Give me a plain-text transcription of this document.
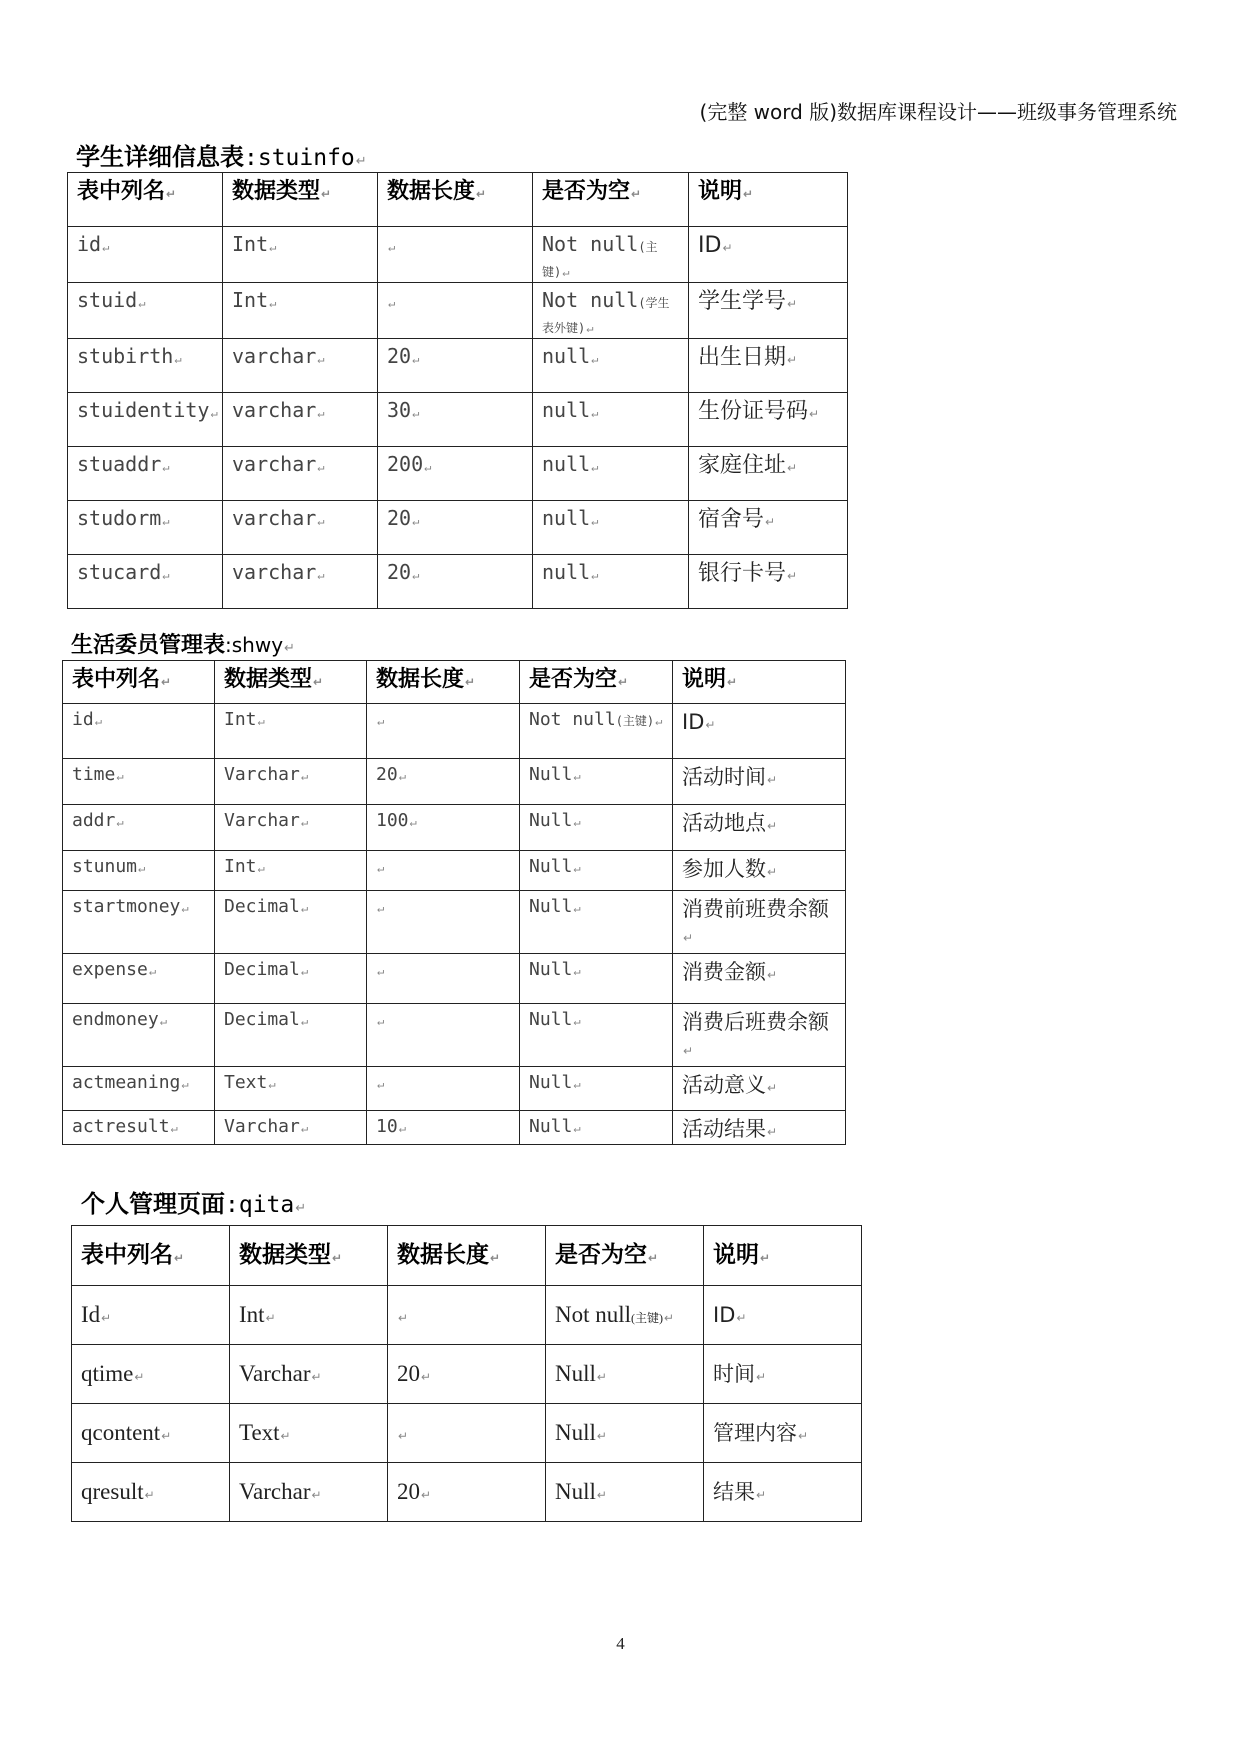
(完整 word 版)数据库课程设计——班级事务管理系统
学生详细信息表:stuinfo↵
表中列名↵	数据类型↵	数据长度↵	是否为空↵	说明↵
id↵	Int↵	↵	Not null(主键)↵	ID↵
stuid↵	Int↵	↵	Not null(学生表外键)↵	学生学号↵
stubirth↵	varchar↵	20↵	null↵	出生日期↵
stuidentity↵	varchar↵	30↵	null↵	生份证号码↵
stuaddr↵	varchar↵	200↵	null↵	家庭住址↵
studorm↵	varchar↵	20↵	null↵	宿舍号↵
stucard↵	varchar↵	20↵	null↵	银行卡号↵
生活委员管理表:shwy↵
表中列名↵	数据类型↵	数据长度↵	是否为空↵	说明↵
id↵	Int↵	↵	Not null(主键)↵	ID↵
time↵	Varchar↵	20↵	Null↵	活动时间↵
addr↵	Varchar↵	100↵	Null↵	活动地点↵
stunum↵	Int↵	↵	Null↵	参加人数↵
startmoney↵	Decimal↵	↵	Null↵	消费前班费余额↵
expense↵	Decimal↵	↵	Null↵	消费金额↵
endmoney↵	Decimal↵	↵	Null↵	消费后班费余额↵
actmeaning↵	Text↵	↵	Null↵	活动意义↵
actresult↵	Varchar↵	10↵	Null↵	活动结果↵
个人管理页面:qita↵
表中列名↵	数据类型↵	数据长度↵	是否为空↵	说明↵
Id↵	Int↵	↵	Not null(主键)↵	ID↵
qtime↵	Varchar↵	20↵	Null↵	时间↵
qcontent↵	Text↵	↵	Null↵	管理内容↵
qresult↵	Varchar↵	20↵	Null↵	结果↵
4
